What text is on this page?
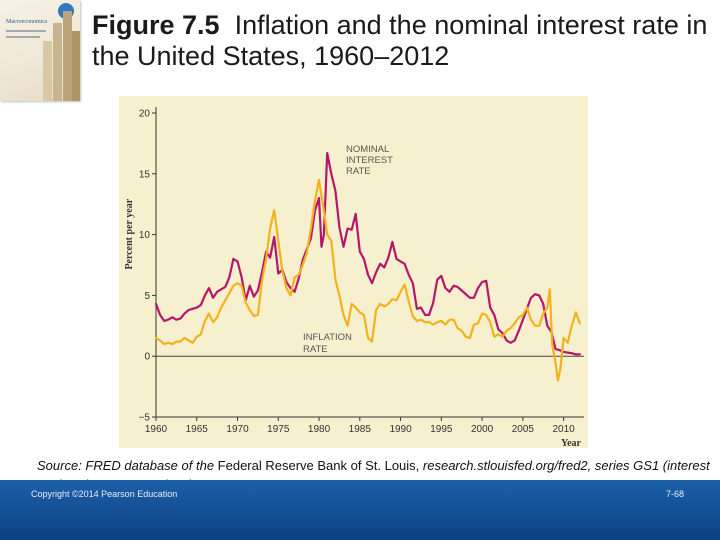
Macroeconomics Figure 7.5 Inflation and the nominal interest rate in the United States, 1960–2012
20
15
10
5
0
−5
1960 1965 1970 1975 1980 1985 1990 1995 2000 2005 2010
Percent per year
Year
NOMINAL
INTEREST
RATE
INFLATION
RATE
Source: FRED database of the Federal Reserve Bank of St. Louis, research.stlouisfed.org/fred2, series GS1 (interest
Copyright ©2014 Pearson Education	7-68
